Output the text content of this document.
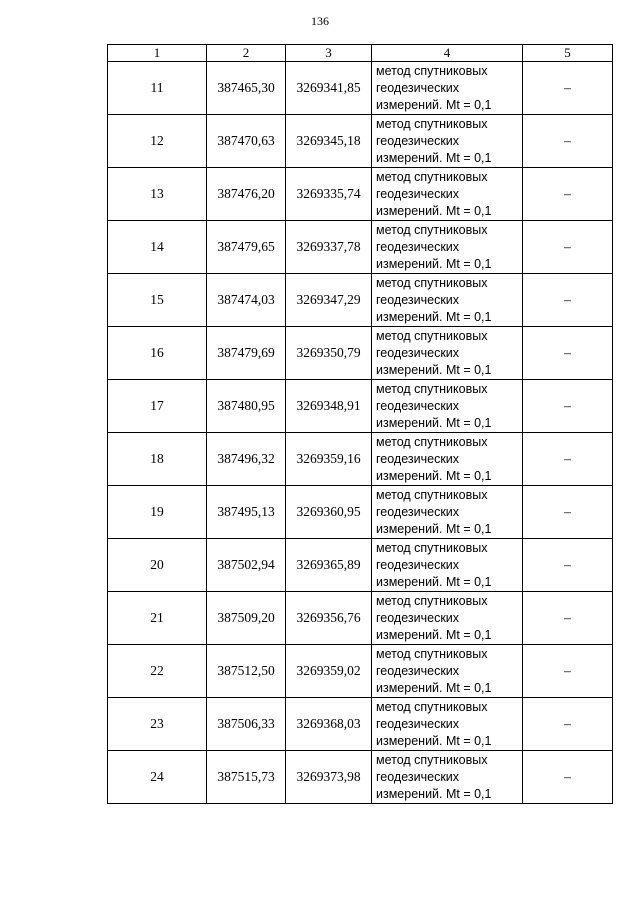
136
1	2	3	4	5
11	387465,30	3269341,85	метод спутниковых
геодезических
измерений. Mt = 0,1	–
12	387470,63	3269345,18	метод спутниковых
геодезических
измерений. Mt = 0,1	–
13	387476,20	3269335,74	метод спутниковых
геодезических
измерений. Mt = 0,1	–
14	387479,65	3269337,78	метод спутниковых
геодезических
измерений. Mt = 0,1	–
15	387474,03	3269347,29	метод спутниковых
геодезических
измерений. Mt = 0,1	–
16	387479,69	3269350,79	метод спутниковых
геодезических
измерений. Mt = 0,1	–
17	387480,95	3269348,91	метод спутниковых
геодезических
измерений. Mt = 0,1	–
18	387496,32	3269359,16	метод спутниковых
геодезических
измерений. Mt = 0,1	–
19	387495,13	3269360,95	метод спутниковых
геодезических
измерений. Mt = 0,1	–
20	387502,94	3269365,89	метод спутниковых
геодезических
измерений. Mt = 0,1	–
21	387509,20	3269356,76	метод спутниковых
геодезических
измерений. Mt = 0,1	–
22	387512,50	3269359,02	метод спутниковых
геодезических
измерений. Mt = 0,1	–
23	387506,33	3269368,03	метод спутниковых
геодезических
измерений. Mt = 0,1	–
24	387515,73	3269373,98	метод спутниковых
геодезических
измерений. Mt = 0,1	–
